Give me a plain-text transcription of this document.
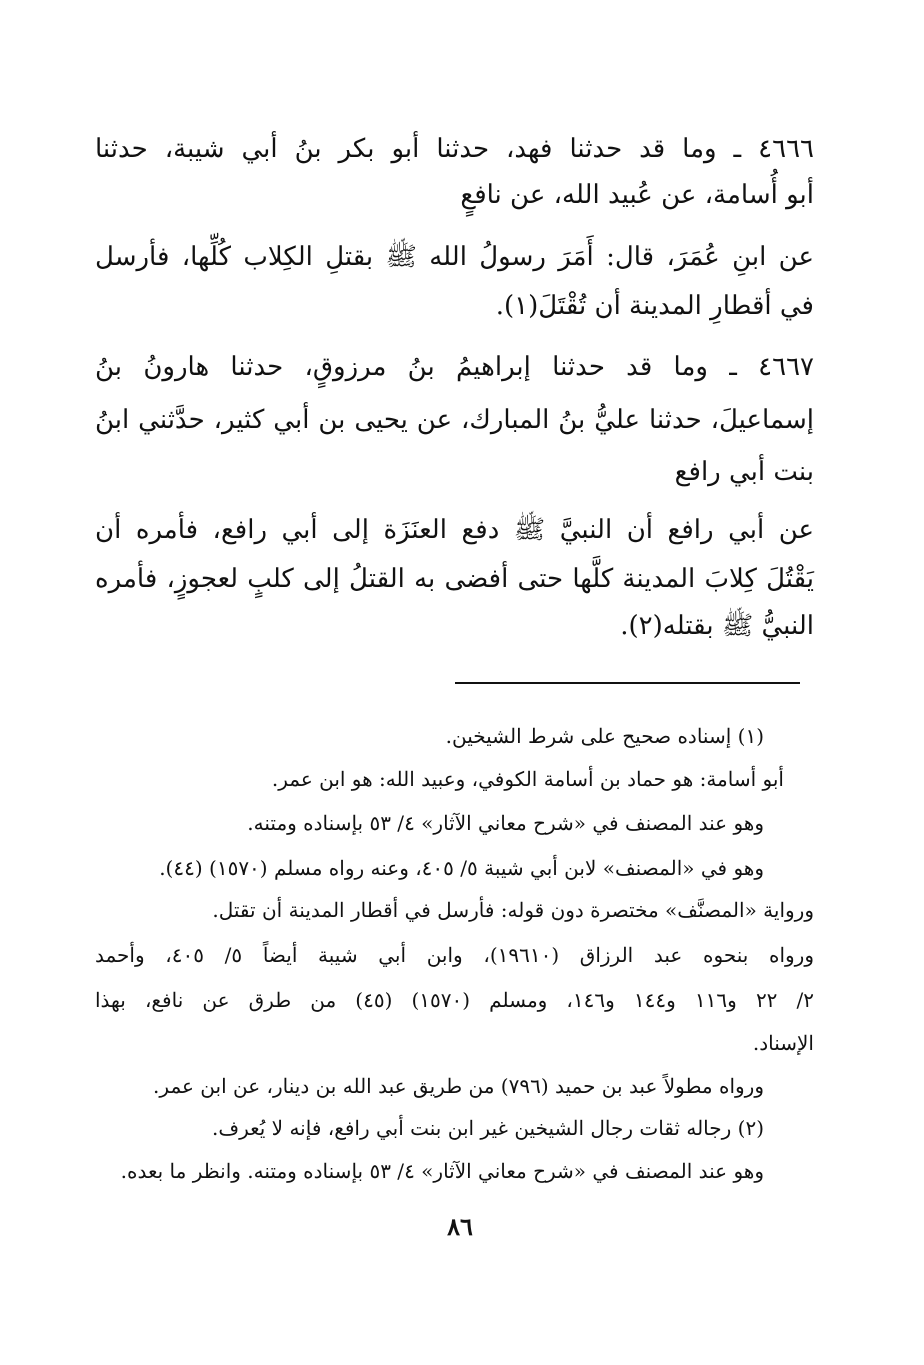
٤٦٦٦ ـ وما قد حدثنا فهد، حدثنا أبو بكر بنُ أبي شيبة، حدثنا
أبو أُسامة، عن عُبيد الله، عن نافعٍ
عن ابنِ عُمَرَ، قال: أَمَرَ رسولُ الله ﷺ بقتلِ الكِلاب كُلِّها، فأرسل
في أقطارِ المدينة أن تُقْتَلَ(١).
٤٦٦٧ ـ وما قد حدثنا إبراهيمُ بنُ مرزوقٍ، حدثنا هارونُ بنُ
إسماعيلَ، حدثنا عليُّ بنُ المبارك، عن يحيى بن أبي كثير، حدَّثني ابنُ
بنت أبي رافع
عن أبي رافع أن النبيَّ ﷺ دفع العنَزَة إلى أبي رافع، فأمره أن
يَقْتُلَ كِلابَ المدينة كلَّها حتى أفضى به القتلُ إلى كلبٍ لعجوزٍ، فأمره
النبيُّ ﷺ بقتله(٢).
(١) إسناده صحيح على شرط الشيخين.
أبو أسامة: هو حماد بن أسامة الكوفي، وعبيد الله: هو ابن عمر.
وهو عند المصنف في «شرح معاني الآثار» ٤/ ٥٣ بإسناده ومتنه.
وهو في «المصنف» لابن أبي شيبة ٥/ ٤٠٥، وعنه رواه مسلم (١٥٧٠) (٤٤).
ورواية «المصنَّف» مختصرة دون قوله: فأرسل في أقطار المدينة أن تقتل.
ورواه بنحوه عبد الرزاق (١٩٦١٠)، وابن أبي شيبة أيضاً ٥/ ٤٠٥، وأحمد
٢/ ٢٢ و١١٦ و١٤٤ و١٤٦، ومسلم (١٥٧٠) (٤٥) من طرق عن نافع، بهذا
الإسناد.
ورواه مطولاً عبد بن حميد (٧٩٦) من طريق عبد الله بن دينار، عن ابن عمر.
(٢) رجاله ثقات رجال الشيخين غير ابن بنت أبي رافع، فإنه لا يُعرف.
وهو عند المصنف في «شرح معاني الآثار» ٤/ ٥٣ بإسناده ومتنه. وانظر ما بعده.
٨٦
